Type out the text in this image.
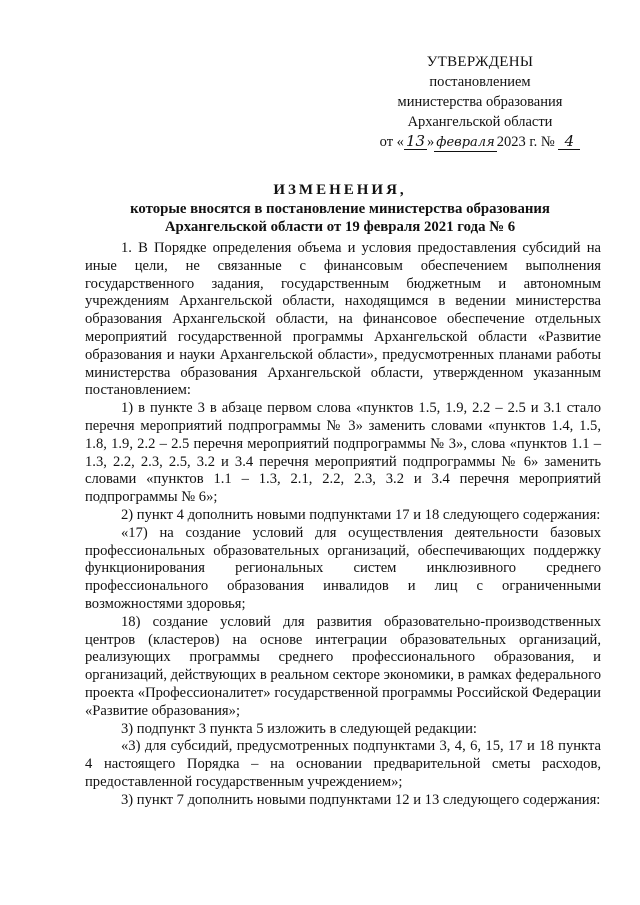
УТВЕРЖДЕНЫ
постановлением
министерства образования
Архангельской области
от « 13 » февраля 2023 г. № 4
ИЗМЕНЕНИЯ,
которые вносятся в постановление министерства образования
Архангельской области от 19 февраля 2021 года № 6

1. В Порядке определения объема и условия предоставления субсидий на иные цели, не связанные с финансовым обеспечением выполнения государственного задания, государственным бюджетным и автономным учреждениям Архангельской области, находящимся в ведении министерства образования Архангельской области, на финансовое обеспечение отдельных мероприятий государственной программы Архангельской области «Развитие образования и науки Архангельской области», предусмотренных планами работы министерства образования Архангельской области, утвержденном указанным постановлением:

1) в пункте 3 в абзаце первом слова «пунктов 1.5, 1.9, 2.2 – 2.5 и 3.1 стало перечня мероприятий подпрограммы № 3» заменить словами «пунктов 1.4, 1.5, 1.8, 1.9, 2.2 – 2.5 перечня мероприятий подпрограммы № 3», слова «пунктов 1.1 – 1.3, 2.2, 2.3, 2.5, 3.2 и 3.4 перечня мероприятий подпрограммы № 6» заменить словами «пунктов 1.1 – 1.3, 2.1, 2.2, 2.3, 3.2 и 3.4 перечня мероприятий подпрограммы № 6»;

2) пункт 4 дополнить новыми подпунктами 17 и 18 следующего содержания:

«17) на создание условий для осуществления деятельности базовых профессиональных образовательных организаций, обеспечивающих поддержку функционирования региональных систем инклюзивного среднего профессионального образования инвалидов и лиц с ограниченными возможностями здоровья;

18) создание условий для развития образовательно-производственных центров (кластеров) на основе интеграции образовательных организаций, реализующих программы среднего профессионального образования, и организаций, действующих в реальном секторе экономики, в рамках федерального проекта «Профессионалитет» государственной программы Российской Федерации «Развитие образования»;

3) подпункт 3 пункта 5 изложить в следующей редакции:

«3) для субсидий, предусмотренных подпунктами 3, 4, 6, 15, 17 и 18 пункта 4 настоящего Порядка – на основании предварительной сметы расходов, предоставленной государственным учреждением»;

3) пункт 7 дополнить новыми подпунктами 12 и 13 следующего содержания:
